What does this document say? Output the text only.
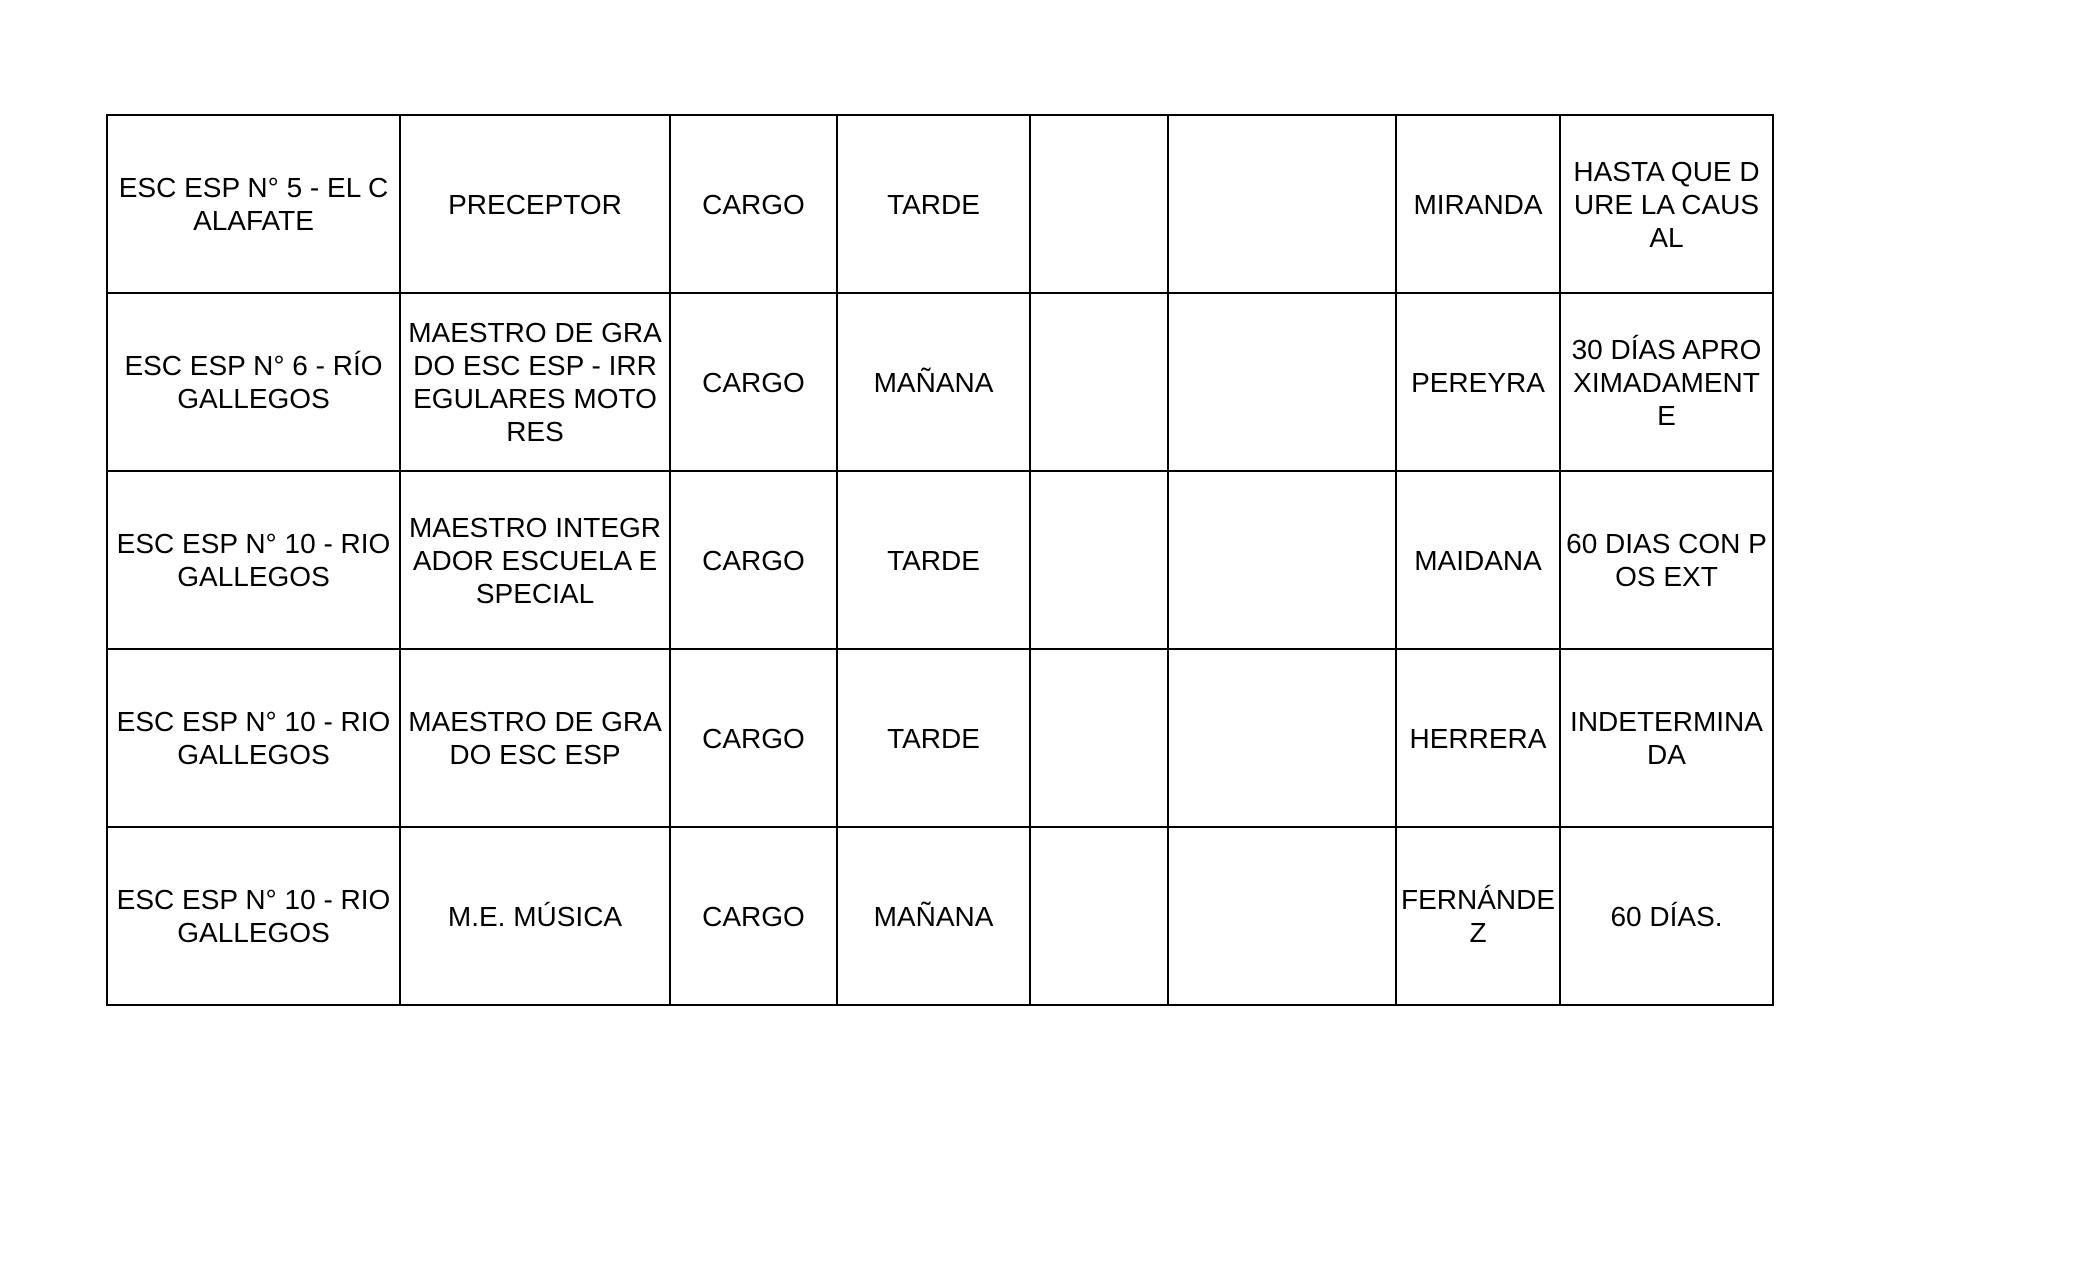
ESC ESP N° 5 - EL CALAFATE	PRECEPTOR	CARGO	TARDE			MIRANDA	HASTA QUE DURE LA CAUSAL
ESC ESP N° 6 - RÍO GALLEGOS	MAESTRO DE GRADO ESC ESP - IRREGULARES MOTORES	CARGO	MAÑANA			PEREYRA	30 DÍAS APROXIMADAMENTE
ESC ESP N° 10 - RIO GALLEGOS	MAESTRO INTEGRADOR ESCUELA ESPECIAL	CARGO	TARDE			MAIDANA	60 DIAS CON POS EXT
ESC ESP N° 10 - RIO GALLEGOS	MAESTRO DE GRADO ESC ESP	CARGO	TARDE			HERRERA	INDETERMINADA
ESC ESP N° 10 - RIO GALLEGOS	M.E. MÚSICA	CARGO	MAÑANA			FERNÁNDEZ	60 DÍAS.
